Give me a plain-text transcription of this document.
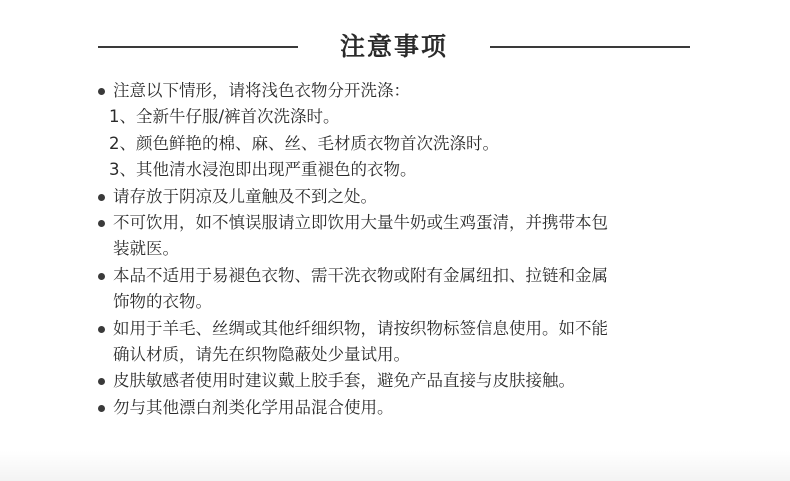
注意事项
注意以下情形，请将浅色衣物分开洗涤：
1、全新牛仔服/裤首次洗涤时。
2、颜色鲜艳的棉、麻、丝、毛材质衣物首次洗涤时。
3、其他清水浸泡即出现严重褪色的衣物。
请存放于阴凉及儿童触及不到之处。
不可饮用，如不慎误服请立即饮用大量牛奶或生鸡蛋清，并携带本包
装就医。
本品不适用于易褪色衣物、需干洗衣物或附有金属纽扣、拉链和金属
饰物的衣物。
如用于羊毛、丝绸或其他纤细织物，请按织物标签信息使用。如不能
确认材质，请先在织物隐蔽处少量试用。
皮肤敏感者使用时建议戴上胶手套，避免产品直接与皮肤接触。
勿与其他漂白剂类化学用品混合使用。
